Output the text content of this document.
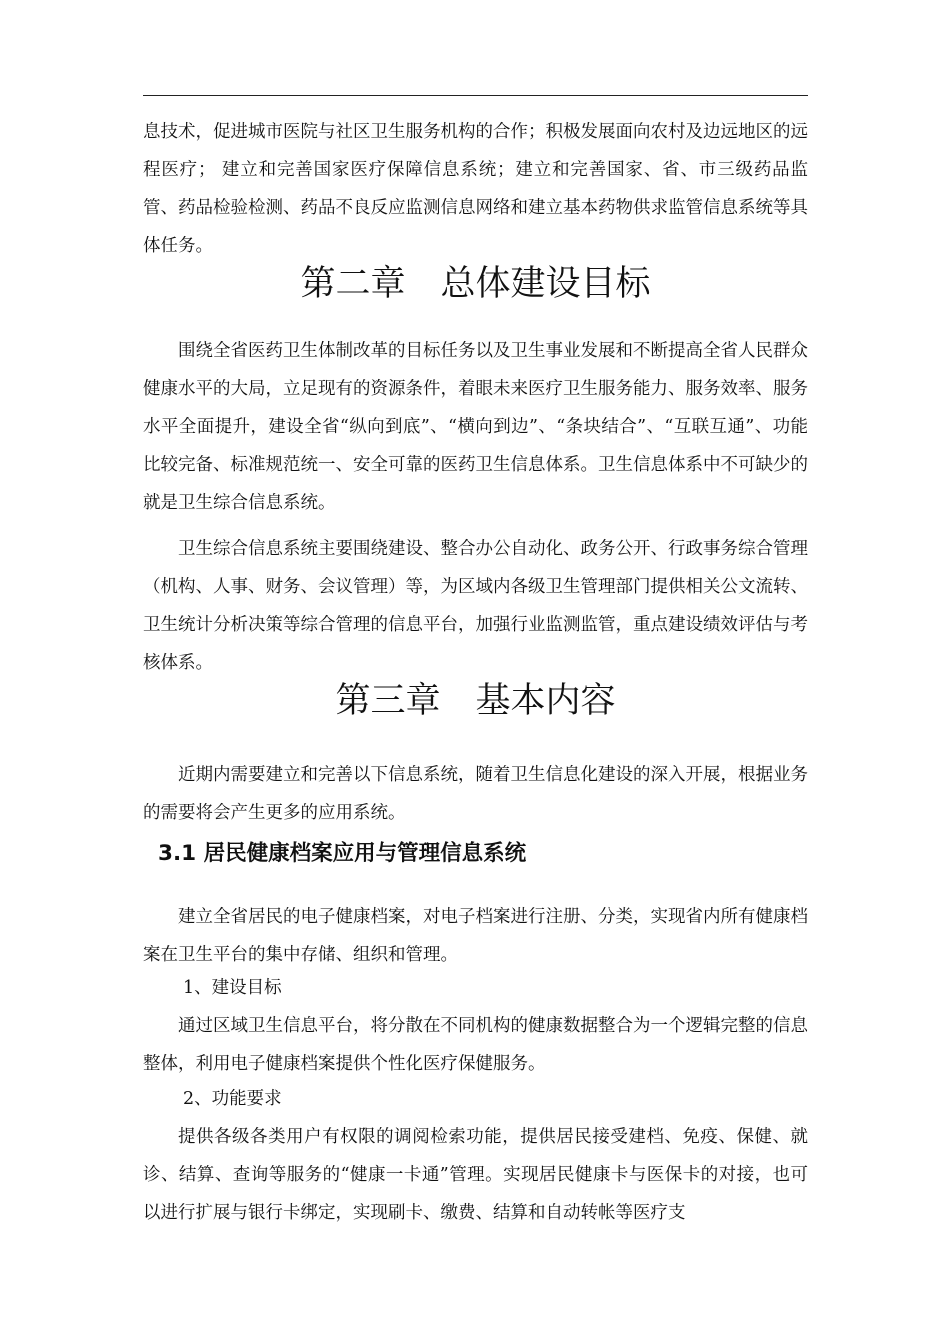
息技术，促进城市医院与社区卫生服务机构的合作；积极发展面向农村及边远地区的远程医疗； 建立和完善国家医疗保障信息系统；建立和完善国家、省、市三级药品监管、药品检验检测、药品不良反应监测信息网络和建立基本药物供求监管信息系统等具体任务。

第二章　总体建设目标

围绕全省医药卫生体制改革的目标任务以及卫生事业发展和不断提高全省人民群众健康水平的大局，立足现有的资源条件，着眼未来医疗卫生服务能力、服务效率、服务水平全面提升，建设全省“纵向到底”、“横向到边”、“条块结合”、“互联互通”、功能比较完备、标准规范统一、安全可靠的医药卫生信息体系。卫生信息体系中不可缺少的就是卫生综合信息系统。

卫生综合信息系统主要围绕建设、整合办公自动化、政务公开、行政事务综合管理（机构、人事、财务、会议管理）等，为区域内各级卫生管理部门提供相关公文流转、卫生统计分析决策等综合管理的信息平台，加强行业监测监管，重点建设绩效评估与考核体系。

第三章　基本内容

近期内需要建立和完善以下信息系统，随着卫生信息化建设的深入开展，根据业务的需要将会产生更多的应用系统。

3.1 居民健康档案应用与管理信息系统

建立全省居民的电子健康档案，对电子档案进行注册、分类，实现省内所有健康档案在卫生平台的集中存储、组织和管理。

1、建设目标

通过区域卫生信息平台，将分散在不同机构的健康数据整合为一个逻辑完整的信息整体，利用电子健康档案提供个性化医疗保健服务。

2、功能要求

提供各级各类用户有权限的调阅检索功能，提供居民接受建档、免疫、保健、就诊、结算、查询等服务的“健康一卡通”管理。实现居民健康卡与医保卡的对接，也可以进行扩展与银行卡绑定，实现刷卡、缴费、结算和自动转帐等医疗支
